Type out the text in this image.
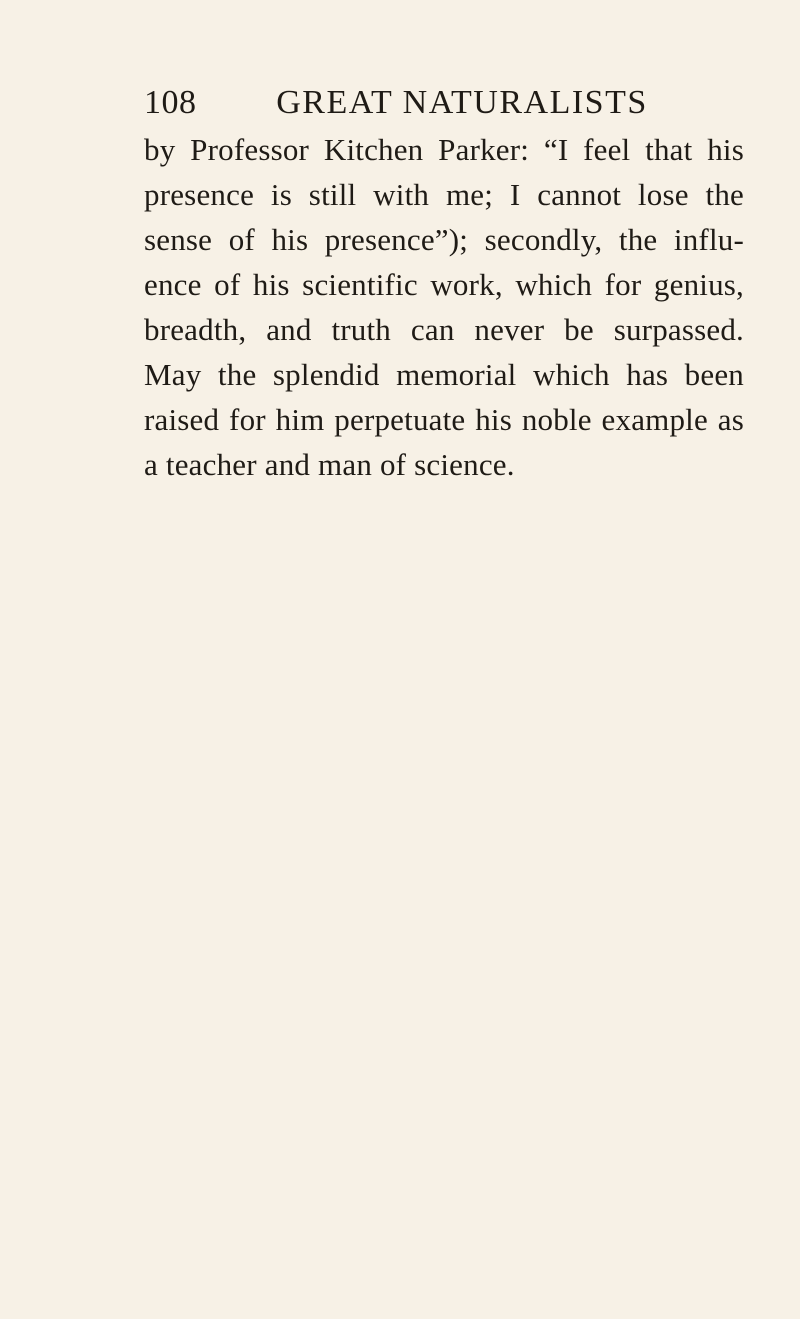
108	GREAT NATURALISTS
by Professor Kitchen Parker: “I feel that his
presence is still with me; I cannot lose the
sense of his presence”); secondly, the influ-
ence of his scientific work, which for genius,
breadth, and truth can never be surpassed.
May the splendid memorial which has been
raised for him perpetuate his noble example as
a teacher and man of science.
